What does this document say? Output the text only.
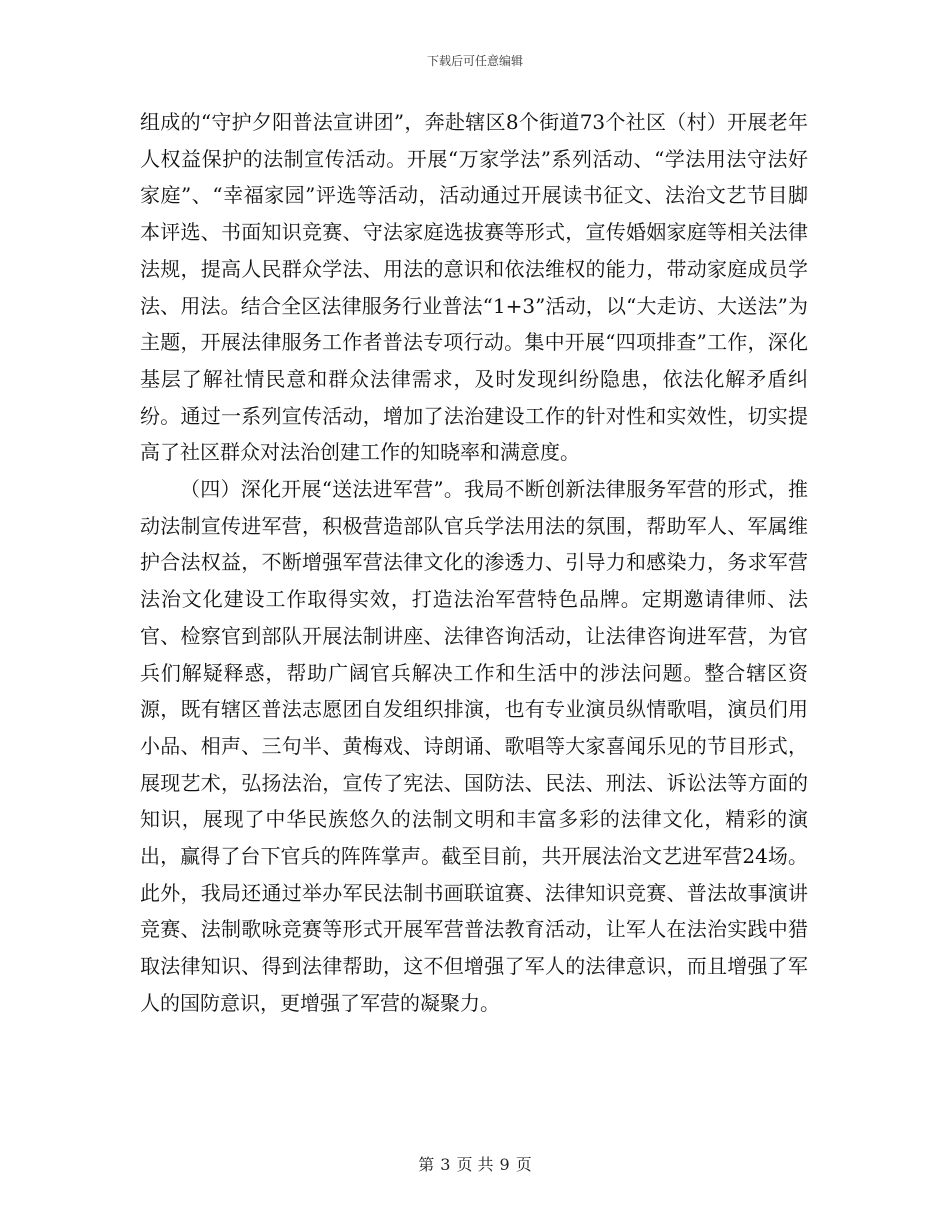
下载后可任意编辑

组成的“守护夕阳普法宣讲团”，奔赴辖区8个街道73个社区（村）开展老年人权益保护的法制宣传活动。开展“万家学法”系列活动、“学法用法守法好家庭”、“幸福家园”评选等活动，活动通过开展读书征文、法治文艺节目脚本评选、书面知识竞赛、守法家庭选拔赛等形式，宣传婚姻家庭等相关法律法规，提高人民群众学法、用法的意识和依法维权的能力，带动家庭成员学法、用法。结合全区法律服务行业普法“1+3”活动，以“大走访、大送法”为主题，开展法律服务工作者普法专项行动。集中开展“四项排查”工作，深化基层了解社情民意和群众法律需求，及时发现纠纷隐患，依法化解矛盾纠纷。通过一系列宣传活动，增加了法治建设工作的针对性和实效性，切实提高了社区群众对法治创建工作的知晓率和满意度。

（四）深化开展“送法进军营”。我局不断创新法律服务军营的形式，推动法制宣传进军营，积极营造部队官兵学法用法的氛围，帮助军人、军属维护合法权益，不断增强军营法律文化的渗透力、引导力和感染力，务求军营法治文化建设工作取得实效，打造法治军营特色品牌。定期邀请律师、法官、检察官到部队开展法制讲座、法律咨询活动，让法律咨询进军营，为官兵们解疑释惑，帮助广阔官兵解决工作和生活中的涉法问题。整合辖区资源，既有辖区普法志愿团自发组织排演，也有专业演员纵情歌唱，演员们用小品、相声、三句半、黄梅戏、诗朗诵、歌唱等大家喜闻乐见的节目形式，展现艺术，弘扬法治，宣传了宪法、国防法、民法、刑法、诉讼法等方面的知识，展现了中华民族悠久的法制文明和丰富多彩的法律文化，精彩的演出，赢得了台下官兵的阵阵掌声。截至目前，共开展法治文艺进军营24场。此外，我局还通过举办军民法制书画联谊赛、法律知识竞赛、普法故事演讲竞赛、法制歌咏竞赛等形式开展军营普法教育活动，让军人在法治实践中猎取法律知识、得到法律帮助，这不但增强了军人的法律意识，而且增强了军人的国防意识，更增强了军营的凝聚力。

第 3 页 共 9 页
